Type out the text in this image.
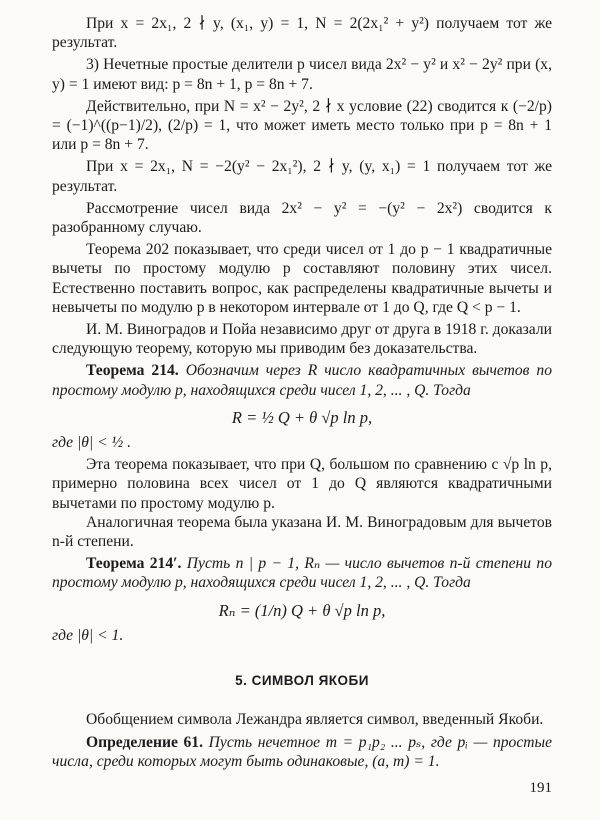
При x = 2x₁, 2 ∤ y, (x₁, y) = 1, N = 2(2x₁² + y²) получаем тот же результат.

3) Нечетные простые делители p чисел вида 2x² − y² и x² − 2y² при (x, y) = 1 имеют вид: p = 8n + 1, p = 8n + 7.

Действительно, при N = x² − 2y², 2 ∤ x условие (22) сводится к (−2/p) = (−1)^((p−1)/2), (2/p) = 1, что может иметь место только при p = 8n + 1 или p = 8n + 7.

При x = 2x₁, N = −2(y² − 2x₁²), 2 ∤ y, (y, x₁) = 1 получаем тот же результат.

Рассмотрение чисел вида 2x² − y² = −(y² − 2x²) сводится к разобранному случаю.

Теорема 202 показывает, что среди чисел от 1 до p − 1 квадратичные вычеты по простому модулю p составляют половину этих чисел. Естественно поставить вопрос, как распределены квадратичные вычеты и невычеты по модулю p в некотором интервале от 1 до Q, где Q < p − 1.

И. М. Виноградов и Пойа независимо друг от друга в 1918 г. доказали следующую теорему, которую мы приводим без доказательства.

Теорема 214. Обозначим через R число квадратичных вычетов по простому модулю p, находящихся среди чисел 1, 2, ... , Q. Тогда

R = ½ Q + θ √p ln p,

где |θ| < ½ .

Эта теорема показывает, что при Q, большом по сравнению с √p ln p, примерно половина всех чисел от 1 до Q являются квадратичными вычетами по простому модулю p.

Аналогичная теорема была указана И. М. Виноградовым для вычетов n-й степени.

Теорема 214′. Пусть n | p − 1, Rₙ — число вычетов n-й степени по простому модулю p, находящихся среди чисел 1, 2, ... , Q. Тогда

Rₙ = (1/n) Q + θ √p ln p,

где |θ| < 1.

5. СИМВОЛ ЯКОБИ

Обобщением символа Лежандра является символ, введенный Якоби.

Определение 61. Пусть нечетное m = p₁p₂ ... pₛ, где pᵢ — простые числа, среди которых могут быть одинаковые, (a, m) = 1.

191
